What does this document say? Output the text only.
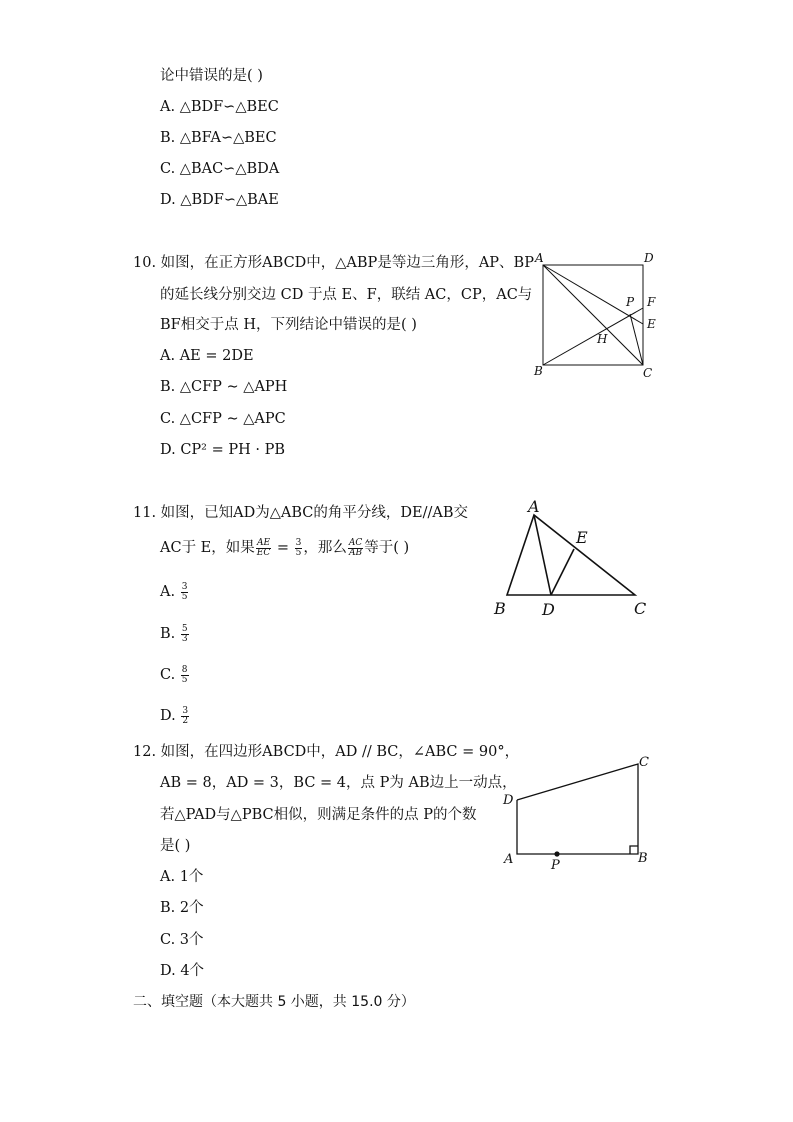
论中错误的是( )
A. △BDF∽△BEC
B. △BFA∽△BEC
C. △BAC∽△BDA
D. △BDF∽△BAE
10. 如图，在正方形ABCD中，△ABP是等边三角形，AP、BP
的延长线分别交边 CD 于点 E、F，联结 AC，CP，AC与
BF相交于点 H，下列结论中错误的是( )
A. AE = 2DE
B. △CFP ∼ △APH
C. △CFP ∼ △APC
D. CP² = PH · PB
A	D
B	C
P F
E
H
11. 如图，已知AD为△ABC的角平分线，DE//AB交
AC于 E，如果 $\frac{AE}{EC} = \frac{3}{5}$ ，那么 $\frac{AC}{AB}$ 等于( )
A. $\frac{3}{5}$
B. $\frac{5}{3}$
C. $\frac{8}{5}$
D. $\frac{3}{2}$
A
B D	C
E
12. 如图，在四边形ABCD中，AD // BC，∠ABC = 90°，
AB = 8，AD = 3，BC = 4，点 P为 AB边上一动点，
若△PAD与△PBC相似，则满足条件的点 P的个数
是( )
A. 1个
B. 2个
C. 3个
D. 4个
D
A	P	B
C
二、填空题（本大题共 5 小题，共 15.0 分）
